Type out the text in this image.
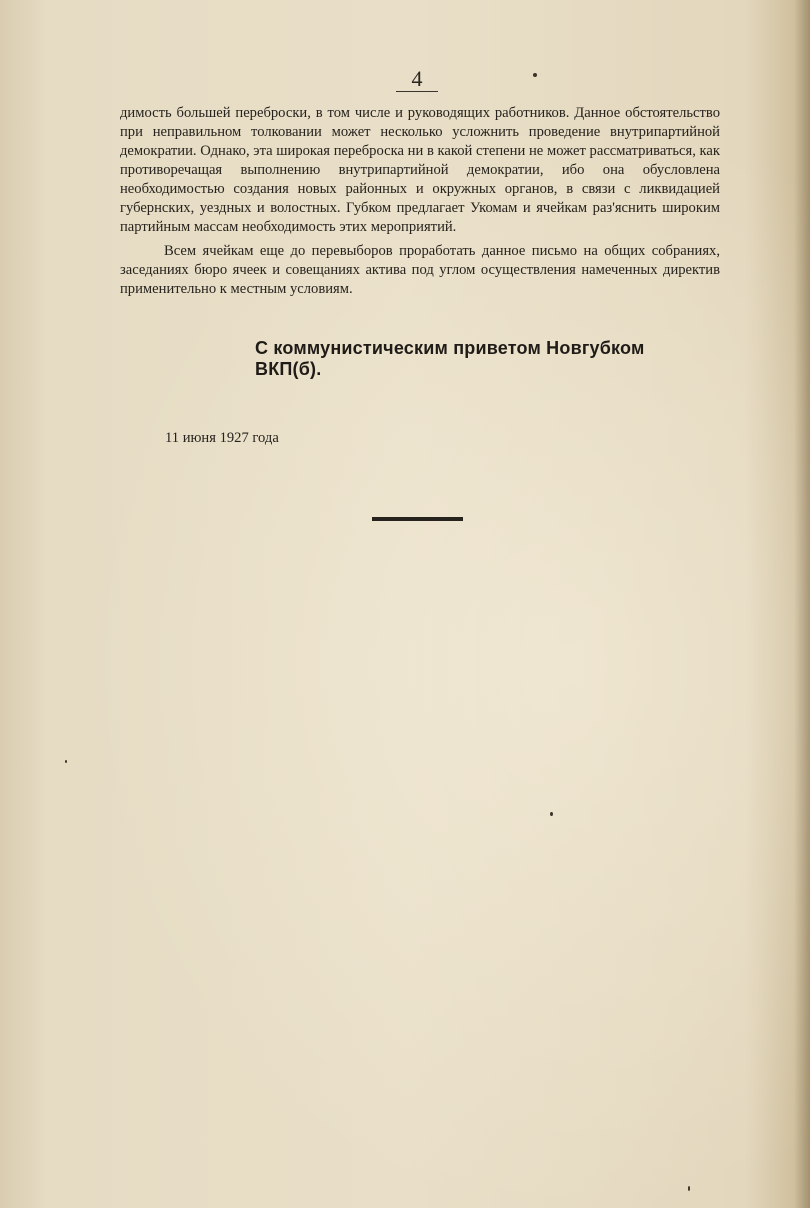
4

димость большей переброски, в том числе и руководящих работников. Данное обстоятельство при неправильном толковании может несколько усложнить проведение внутрипартийной демократии. Однако, эта широкая переброска ни в какой степени не может рассматриваться, как противоречащая выполнению внутрипартийной демократии, ибо она обусловлена необходимостью создания новых районных и окружных органов, в связи с ликвидацией губернских, уездных и волостных. Губком предлагает Укомам и ячейкам раз'яснить широким партийным массам необходимость этих мероприятий.

Всем ячейкам еще до перевыборов проработать данное письмо на общих собраниях, заседаниях бюро ячеек и совещаниях актива под углом осуществления намеченных директив применительно к местным условиям.

С коммунистическим приветом Новгубком ВКП(б).
11 июня 1927 года
